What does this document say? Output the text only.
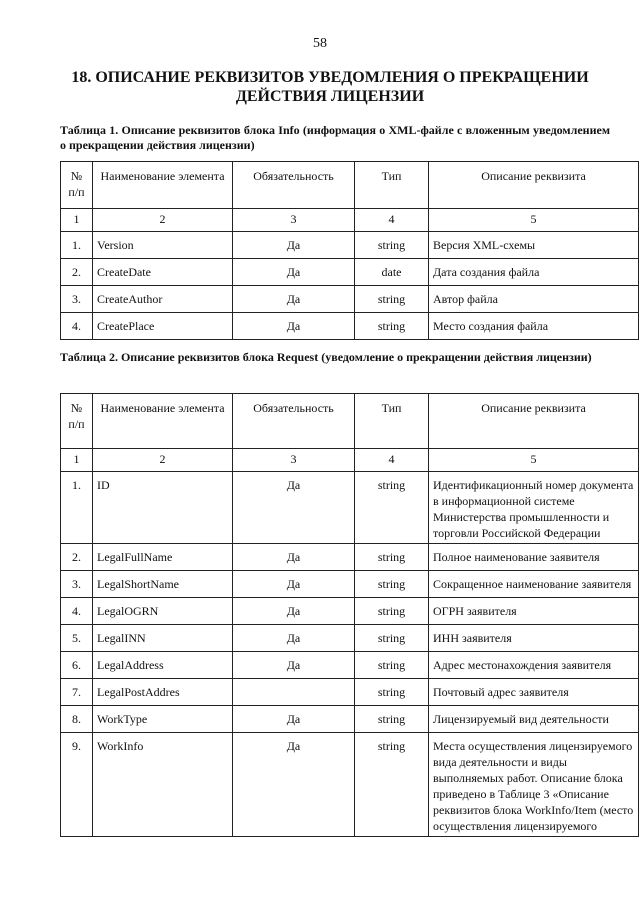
58
18. ОПИСАНИЕ РЕКВИЗИТОВ УВЕДОМЛЕНИЯ О ПРЕКРАЩЕНИИ ДЕЙСТВИЯ ЛИЦЕНЗИИ
Таблица 1. Описание реквизитов блока Info (информация о XML-файле с вложенным уведомлением о прекращении действия лицензии)
№ п/п	Наименование элемента	Обязательность	Тип	Описание реквизита
1	2	3	4	5
1.	Version	Да	string	Версия XML-схемы
2.	CreateDate	Да	date	Дата создания файла
3.	CreateAuthor	Да	string	Автор файла
4.	CreatePlace	Да	string	Место создания файла
Таблица 2. Описание реквизитов блока Request (уведомление о прекращении действия лицензии)
№ п/п	Наименование элемента	Обязательность	Тип	Описание реквизита
1	2	3	4	5
1.	ID	Да	string	Идентификационный номер документа в информационной системе Министерства промышленности и торговли Российской Федерации
2.	LegalFullName	Да	string	Полное наименование заявителя
3.	LegalShortName	Да	string	Сокращенное наименование заявителя
4.	LegalOGRN	Да	string	ОГРН заявителя
5.	LegalINN	Да	string	ИНН заявителя
6.	LegalAddress	Да	string	Адрес местонахождения заявителя
7.	LegalPostAddres		string	Почтовый адрес заявителя
8.	WorkType	Да	string	Лицензируемый вид деятельности
9.	WorkInfo	Да	string	Места осуществления лицензируемого вида деятельности и виды выполняемых работ. Описание блока приведено в Таблице 3 «Описание реквизитов блока WorkInfo/Item (место осуществления лицензируемого
